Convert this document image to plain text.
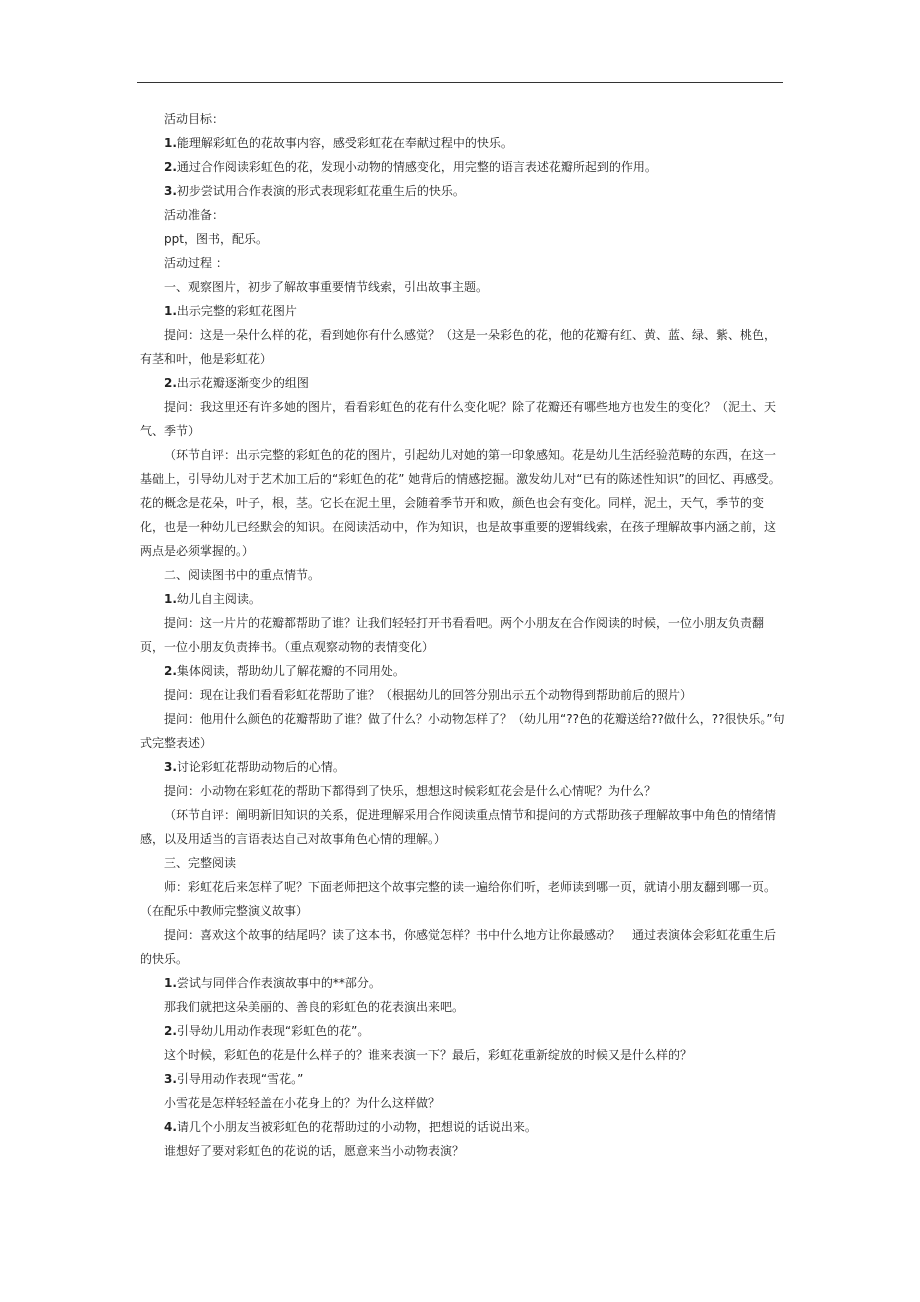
活动目标：

1.能理解彩虹色的花故事内容，感受彩虹花在奉献过程中的快乐。

2.通过合作阅读彩虹色的花，发现小动物的情感变化，用完整的语言表述花瓣所起到的作用。

3.初步尝试用合作表演的形式表现彩虹花重生后的快乐。

活动准备：

ppt，图书，配乐。

活动过程 ：

一、观察图片，初步了解故事重要情节线索，引出故事主题。

1.出示完整的彩虹花图片

提问：这是一朵什么样的花，看到她你有什么感觉？（这是一朵彩色的花，他的花瓣有红、黄、蓝、绿、紫、桃色，有茎和叶，他是彩虹花）

2.出示花瓣逐渐变少的组图

提问：我这里还有许多她的图片，看看彩虹色的花有什么变化呢？除了花瓣还有哪些地方也发生的变化？（泥土、天气、季节）

（环节自评：出示完整的彩虹色的花的图片，引起幼儿对她的第一印象感知。花是幼儿生活经验范畴的东西，在这一基础上，引导幼儿对于艺术加工后的“彩虹色的花” 她背后的情感挖掘。激发幼儿对“已有的陈述性知识”的回忆、再感受。花的概念是花朵，叶子，根，茎。它长在泥土里，会随着季节开和败，颜色也会有变化。同样，泥土，天气，季节的变化，也是一种幼儿已经默会的知识。在阅读活动中，作为知识，也是故事重要的逻辑线索，在孩子理解故事内涵之前，这两点是必须掌握的。）

二、阅读图书中的重点情节。

1.幼儿自主阅读。

提问：这一片片的花瓣都帮助了谁？让我们轻轻打开书看看吧。两个小朋友在合作阅读的时候，一位小朋友负责翻页，一位小朋友负责捧书。（重点观察动物的表情变化）

2.集体阅读，帮助幼儿了解花瓣的不同用处。

提问：现在让我们看看彩虹花帮助了谁？（根据幼儿的回答分别出示五个动物得到帮助前后的照片）

提问：他用什么颜色的花瓣帮助了谁？做了什么？小动物怎样了？（幼儿用“??色的花瓣送给??做什么，??很快乐。”句式完整表述）

3.讨论彩虹花帮助动物后的心情。

提问：小动物在彩虹花的帮助下都得到了快乐，想想这时候彩虹花会是什么心情呢？为什么？

（环节自评：阐明新旧知识的关系，促进理解采用合作阅读重点情节和提问的方式帮助孩子理解故事中角色的情绪情感，以及用适当的言语表达自己对故事角色心情的理解。）

三、完整阅读

师：彩虹花后来怎样了呢？下面老师把这个故事完整的读一遍给你们听，老师读到哪一页，就请小朋友翻到哪一页。（在配乐中教师完整演义故事）

提问：喜欢这个故事的结尾吗？读了这本书，你感觉怎样？书中什么地方让你最感动？　通过表演体会彩虹花重生后的快乐。

1.尝试与同伴合作表演故事中的**部分。

那我们就把这朵美丽的、善良的彩虹色的花表演出来吧。

2.引导幼儿用动作表现“彩虹色的花”。

这个时候，彩虹色的花是什么样子的？谁来表演一下？最后，彩虹花重新绽放的时候又是什么样的？

3.引导用动作表现“雪花。”

小雪花是怎样轻轻盖在小花身上的？为什么这样做？

4.请几个小朋友当被彩虹色的花帮助过的小动物，把想说的话说出来。

谁想好了要对彩虹色的花说的话，愿意来当小动物表演？
